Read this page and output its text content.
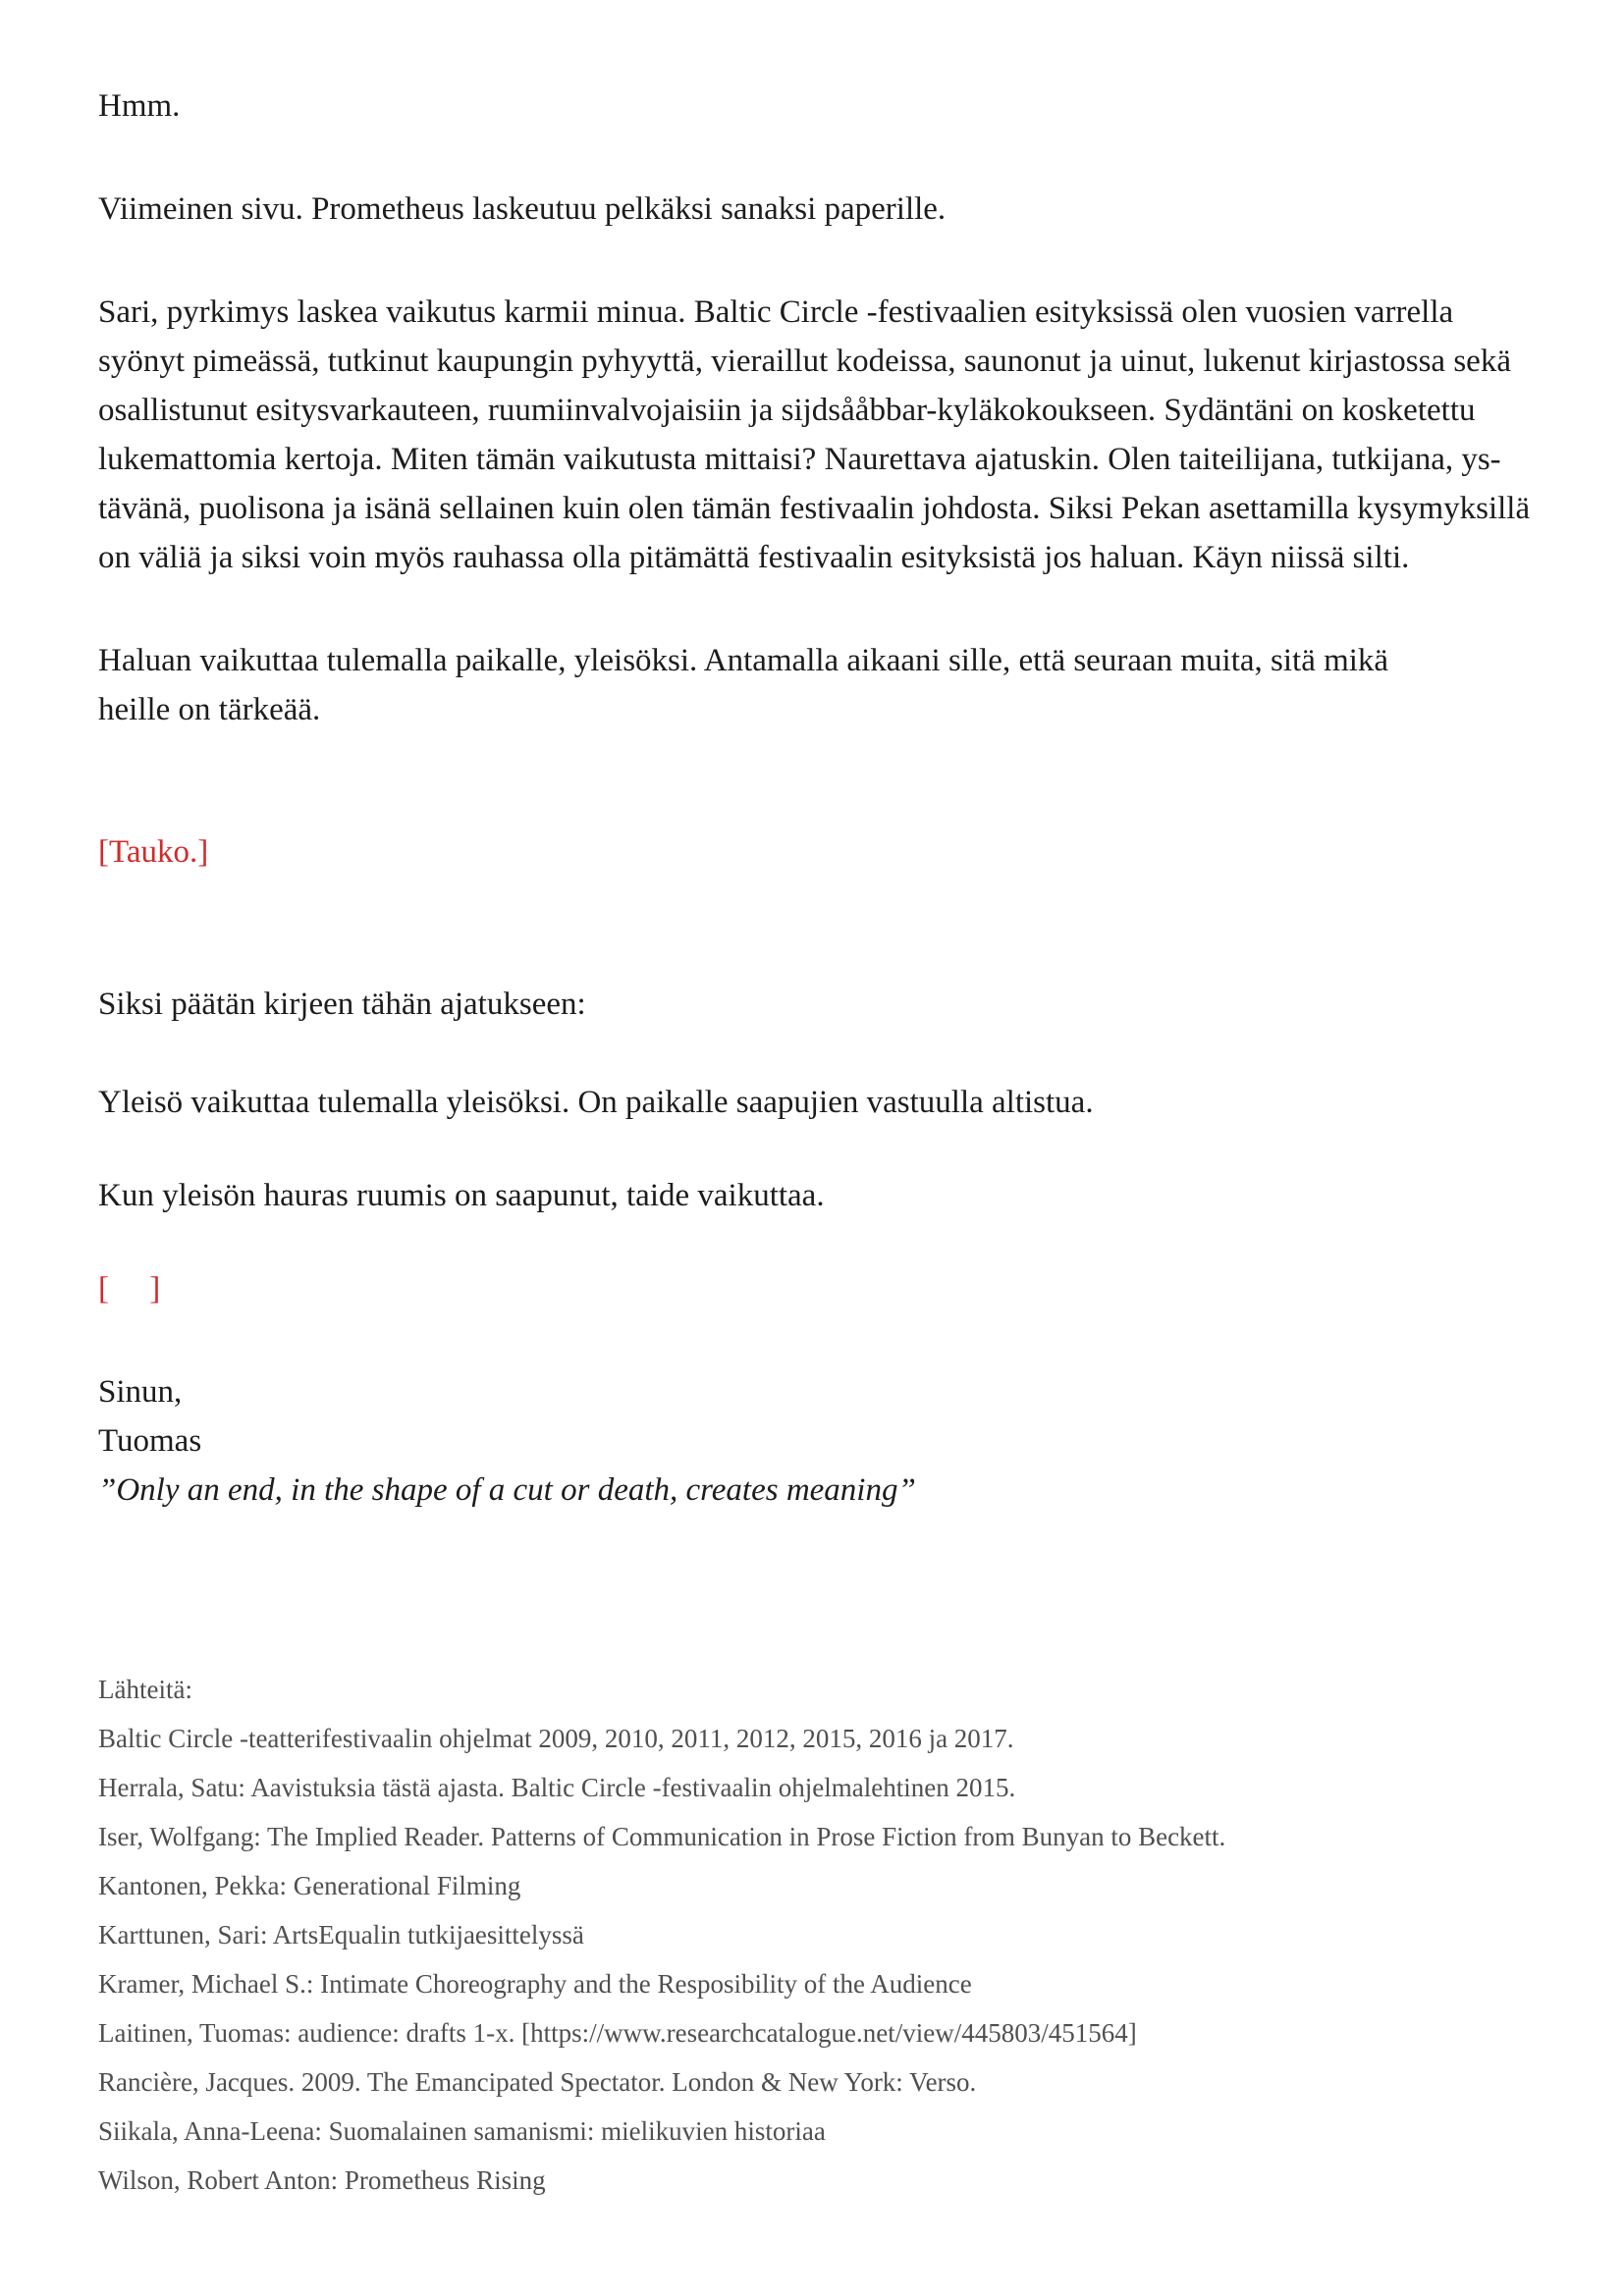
Hmm.

Viimeinen sivu. Prometheus laskeutuu pelkäksi sanaksi paperille.

Sari, pyrkimys laskea vaikutus karmii minua. Baltic Circle -festivaalien esityksissä olen vuosien varrella
syönyt pimeässä, tutkinut kaupungin pyhyyttä, vieraillut kodeissa, saunonut ja uinut, lukenut kirjastossa sekä
osallistunut esitysvarkauteen, ruumiinvalvojaisiin ja sijdsååbbar-kyläkokoukseen. Sydäntäni on kosketettu
lukemattomia kertoja. Miten tämän vaikutusta mittaisi? Naurettava ajatuskin. Olen taiteilijana, tutkijana, ys-
tävänä, puolisona ja isänä sellainen kuin olen tämän festivaalin johdosta. Siksi Pekan asettamilla kysymyksillä
on väliä ja siksi voin myös rauhassa olla pitämättä festivaalin esityksistä jos haluan. Käyn niissä silti.
Haluan vaikuttaa tulemalla paikalle, yleisöksi. Antamalla aikaani sille, että seuraan muita, sitä mikä
heille on tärkeää.

[Tauko.]

Siksi päätän kirjeen tähän ajatukseen:

Yleisö vaikuttaa tulemalla yleisöksi. On paikalle saapujien vastuulla altistua.

Kun yleisön hauras ruumis on saapunut, taide vaikuttaa.

[     ]

Sinun,

Tuomas

”Only an end, in the shape of a cut or death, creates meaning”

Lähteitä:

Baltic Circle -teatterifestivaalin ohjelmat 2009, 2010, 2011, 2012, 2015, 2016 ja 2017.
Herrala, Satu: Aavistuksia tästä ajasta. Baltic Circle -festivaalin ohjelmalehtinen 2015.
Iser, Wolfgang: The Implied Reader. Patterns of Communication in Prose Fiction from Bunyan to Beckett.
Kantonen, Pekka: Generational Filming
Karttunen, Sari: ArtsEqualin tutkijaesittelyssä
Kramer, Michael S.: Intimate Choreography and the Resposibility of the Audience
Laitinen, Tuomas: audience: drafts 1-x. [https://www.researchcatalogue.net/view/445803/451564]
Rancière, Jacques. 2009. The Emancipated Spectator. London & New York: Verso.
Siikala, Anna-Leena: Suomalainen samanismi: mielikuvien historiaa
Wilson, Robert Anton: Prometheus Rising
